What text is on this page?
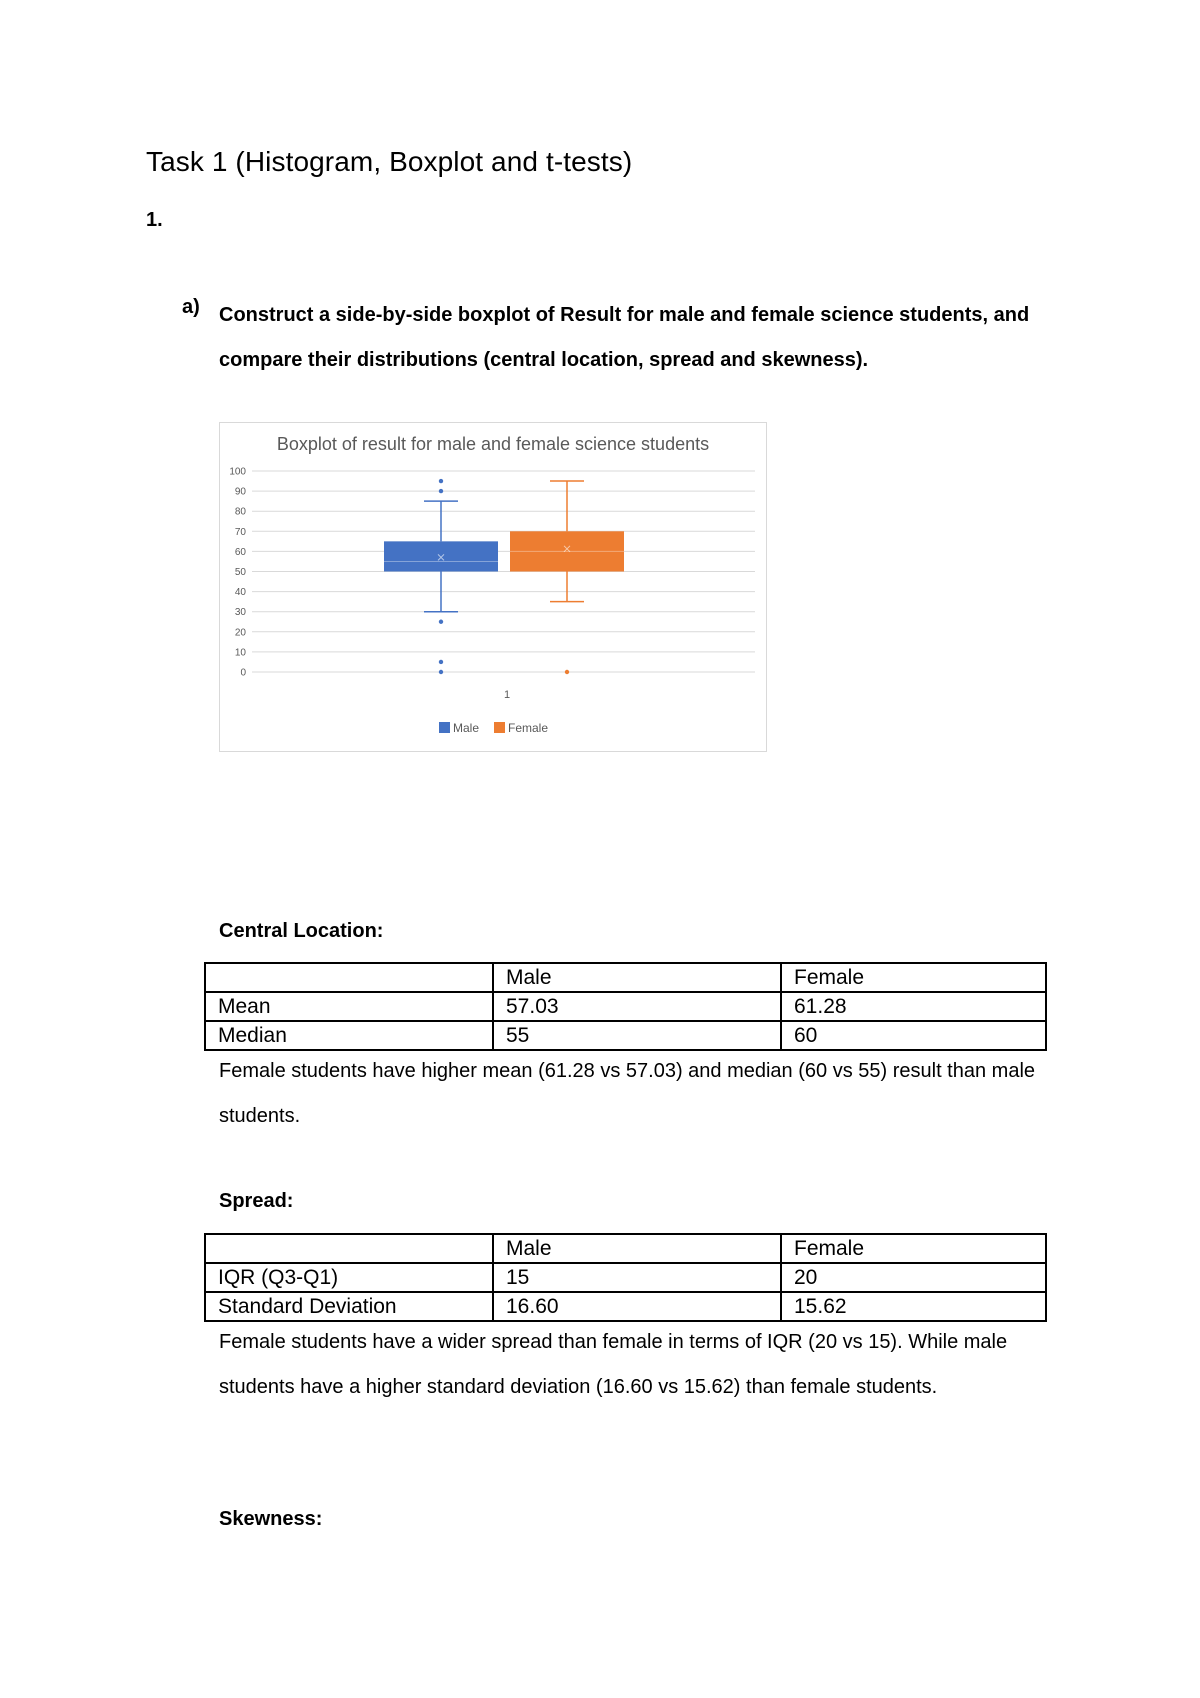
Task 1 (Histogram, Boxplot and t-tests)
1.
a) Construct a side-by-side boxplot of Result for male and female science students, and compare their distributions (central location, spread and skewness).
Boxplot of result for male and female science students
0
10
20
30
40
50
60
70
80
90
100
1
Male Female
Central Location:
	Male	Female
Mean	57.03	61.28
Median	55	60
Female students have higher mean (61.28 vs 57.03) and median (60 vs 55) result than male students.
Spread:
	Male	Female
IQR (Q3-Q1)	15	20
Standard Deviation	16.60	15.62
Female students have a wider spread than female in terms of IQR (20 vs 15). While male students have a higher standard deviation (16.60 vs 15.62) than female students.
Skewness:
